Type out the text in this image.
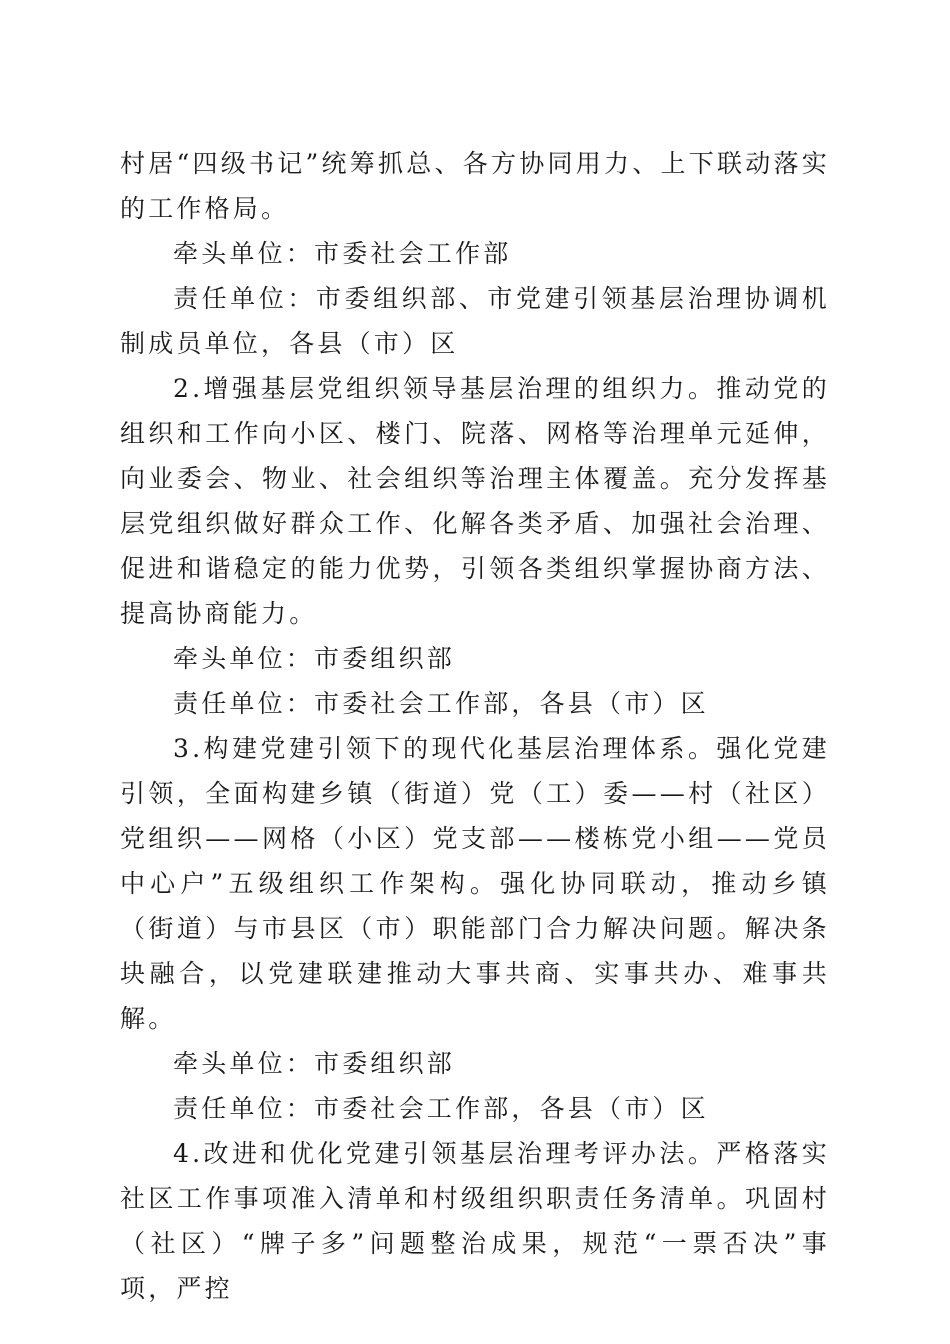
村居“四级书记”统筹抓总、各方协同用力、上下联动落实的工作格局。

牵头单位：市委社会工作部

责任单位：市委组织部、市党建引领基层治理协调机制成员单位，各县（市）区

2.增强基层党组织领导基层治理的组织力。推动党的组织和工作向小区、楼门、院落、网格等治理单元延伸，向业委会、物业、社会组织等治理主体覆盖。充分发挥基层党组织做好群众工作、化解各类矛盾、加强社会治理、促进和谐稳定的能力优势，引领各类组织掌握协商方法、提高协商能力。

牵头单位：市委组织部

责任单位：市委社会工作部，各县（市）区

3.构建党建引领下的现代化基层治理体系。强化党建引领，全面构建乡镇（街道）党（工）委——村（社区）党组织——网格（小区）党支部——楼栋党小组——党员中心户”五级组织工作架构。强化协同联动，推动乡镇（街道）与市县区（市）职能部门合力解决问题。解决条块融合，以党建联建推动大事共商、实事共办、难事共解。

牵头单位：市委组织部

责任单位：市委社会工作部，各县（市）区

4.改进和优化党建引领基层治理考评办法。严格落实社区工作事项准入清单和村级组织职责任务清单。巩固村（社区）“牌子多”问题整治成果，规范“一票否决”事项，严控
